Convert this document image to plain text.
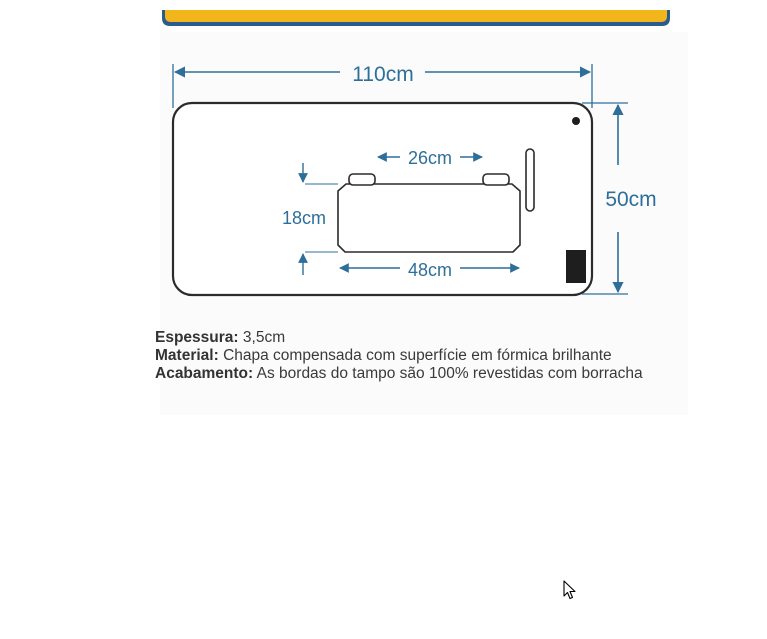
110cm
50cm
26cm
18cm
48cm
Espessura: 3,5cm
Material: Chapa compensada com superfície em fórmica brilhante
Acabamento: As bordas do tampo são 100% revestidas com borracha
